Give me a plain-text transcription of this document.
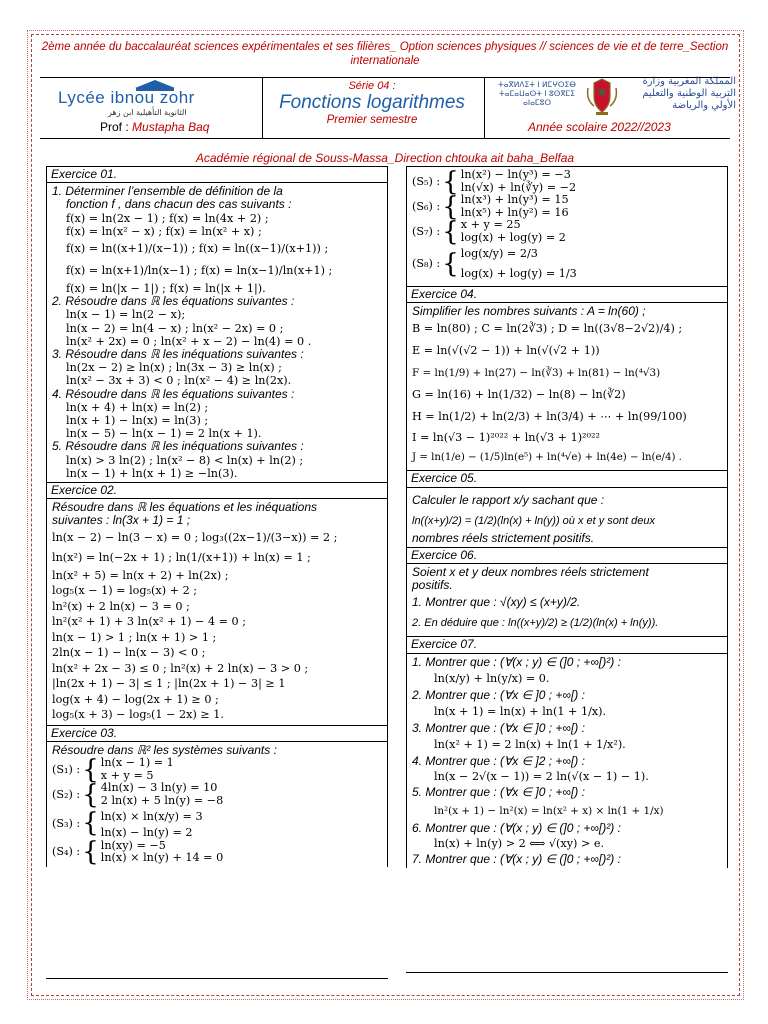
2ème année du baccalauréat sciences expérimentales et ses filières_ Option sciences physiques // sciences de vie et de terre_Section internationale
Lycée ibnou zohr
الثانوية التأهيلية ابن زهر
Prof : Mustapha Baq
Série 04 :
Fonctions logarithmes
Premier semestre
ⵜⴰⴳⵍⴷⵉⵜ ⵏ ⵍⵎⵖⵔⵉⴱ ⵜⴰⵎⴰⵡⴰⵙⵜ ⵏ ⵓⵙⴳⵎⵉ ⴰⵏⴰⵎⵓⵔ
المملكة المغربية وزارة التربية الوطنية والتعليم الأولي والرياضة
Année scolaire 2022//2023
Académie régional de Souss-Massa_Direction chtouka ait baha_Belfaa
Exercice 01.
1. Déterminer l’ensemble de définition de la
fonction f , dans chacun des cas suivants :
f(x) = ln(2x − 1) ; f(x) = ln(4x + 2) ;
f(x) = ln(x² − x) ; f(x) = ln(x² + x) ;
f(x) = ln((x+1)/(x−1)) ; f(x) = ln((x−1)/(x+1)) ;
f(x) = ln(x+1)/ln(x−1) ; f(x) = ln(x−1)/ln(x+1) ;
f(x) = ln(|x − 1|) ; f(x) = ln(|x + 1|).
2. Résoudre dans ℝ les équations suivantes :
ln(x − 1) = ln(2 − x);
ln(x − 2) = ln(4 − x) ; ln(x² − 2x) = 0 ;
ln(x² + 2x) = 0 ; ln(x² + x − 2) − ln(4) = 0 .
3. Résoudre dans ℝ les inéquations suivantes :
ln(2x − 2) ≥ ln(x) ; ln(3x − 3) ≥ ln(x) ;
ln(x² − 3x + 3) < 0 ; ln(x² − 4) ≥ ln(2x).
4. Résoudre dans ℝ les équations suivantes :
ln(x + 4) + ln(x) = ln(2) ;
ln(x + 1) − ln(x) = ln(3) ;
ln(x − 5) − ln(x − 1) = 2 ln(x + 1).
5. Résoudre dans ℝ les inéquations suivantes :
ln(x) > 3 ln(2) ; ln(x² − 8) < ln(x) + ln(2) ;
ln(x − 1) + ln(x + 1) ≥ −ln(3).
Exercice 02.
Résoudre dans ℝ les équations et les inéquations
suivantes : ln(3x + 1) = 1 ;
ln(x − 2) − ln(3 − x) = 0 ; log₃((2x−1)/(3−x)) = 2 ;
ln(x²) = ln(−2x + 1) ; ln(1/(x+1)) + ln(x) = 1 ;
ln(x² + 5) = ln(x + 2) + ln(2x) ;
log₅(x − 1) = log₅(x) + 2 ;
ln²(x) + 2 ln(x) − 3 = 0 ;
ln²(x² + 1) + 3 ln(x² + 1) − 4 = 0 ;
ln(x − 1) > 1 ; ln(x + 1) > 1 ;
2ln(x − 1) − ln(x − 3) < 0 ;
ln(x² + 2x − 3) ≤ 0 ; ln²(x) + 2 ln(x) − 3 > 0 ;
|ln(2x + 1) − 3| ≤ 1 ; |ln(2x + 1) − 3| ≥ 1
log(x + 4) − log(2x + 1) ≥ 0 ;
log₅(x + 3) − log₅(1 − 2x) ≥ 1.
Exercice 03.
Résoudre dans ℝ² les systèmes suivants :
(S₁) : { ln(x − 1) = 1
x + y = 5
(S₂) : { 4ln(x) − 3 ln(y) = 10
2 ln(x) + 5 ln(y) = −8
(S₃) : { ln(x) × ln(x/y) = 3
ln(x) − ln(y) = 2
(S₄) : { ln(xy) = −5
ln(x) × ln(y) + 14 = 0
(S₅) : { ln(x²) − ln(y³) = −3
ln(√x) + ln(∛y) = −2
(S₆) : { ln(x³) + ln(y³) = 15
ln(x⁵) + ln(y²) = 16
(S₇) : { x + y = 25
log(x) + log(y) = 2
(S₈) : { log(x/y) = 2/3
log(x) + log(y) = 1/3
Exercice 04.
Simplifier les nombres suivants : A = ln(60) ;
B = ln(80) ; C = ln(2∛3) ; D = ln((3√8−2√2)/4) ;
E = ln(√(√2 − 1)) + ln(√(√2 + 1))
F = ln(1/9) + ln(27) − ln(∛3) + ln(81) − ln(⁴√3)
G = ln(16) + ln(1/32) − ln(8) − ln(∛2)
H = ln(1/2) + ln(2/3) + ln(3/4) + ⋯ + ln(99/100)
I = ln(√3 − 1)²⁰²² + ln(√3 + 1)²⁰²²
J = ln(1/e) − (1/5)ln(e⁵) + ln(⁴√e) + ln(4e) − ln(e/4) .
Exercice 05.
Calculer le rapport x/y sachant que :
ln((x+y)/2) = (1/2)(ln(x) + ln(y)) où x et y sont deux
nombres réels strictement positifs.
Exercice 06.
Soient x et y deux nombres réels strictement
positifs.
1. Montrer que : √(xy) ≤ (x+y)/2.
2. En déduire que : ln((x+y)/2) ≥ (1/2)(ln(x) + ln(y)).
Exercice 07.
1. Montrer que : (∀(x ; y) ∈ (]0 ; +∞[)²) :
ln(x/y) + ln(y/x) = 0.
2. Montrer que : (∀x ∈ ]0 ; +∞[) :
ln(x + 1) = ln(x) + ln(1 + 1/x).
3. Montrer que : (∀x ∈ ]0 ; +∞[) :
ln(x² + 1) = 2 ln(x) + ln(1 + 1/x²).
4. Montrer que : (∀x ∈ ]2 ; +∞[) :
ln(x − 2√(x − 1)) = 2 ln(√(x − 1) − 1).
5. Montrer que : (∀x ∈ ]0 ; +∞[) :
ln²(x + 1) − ln²(x) = ln(x² + x) × ln(1 + 1/x)
6. Montrer que : (∀(x ; y) ∈ (]0 ; +∞[)²) :
ln(x) + ln(y) > 2 ⟺ √(xy) > e.
7. Montrer que : (∀(x ; y) ∈ (]0 ; +∞[)²) :
